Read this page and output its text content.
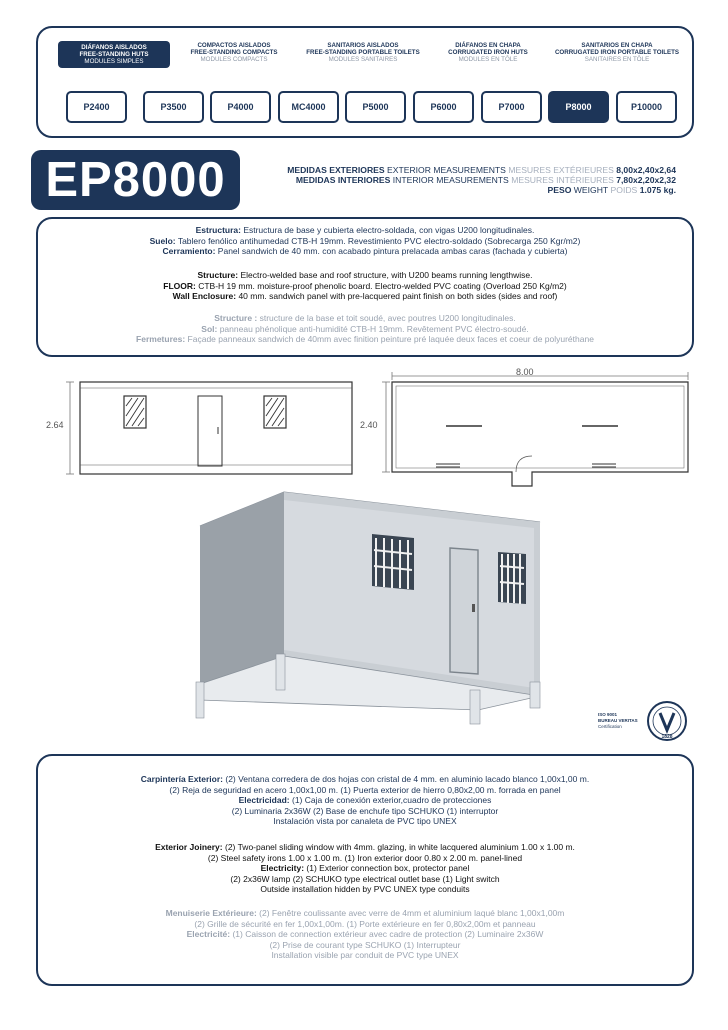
DIÁFANOS AISLADOS
FREE-STANDING HUTS

MODULES SIMPLES
COMPACTOS AISLADOS
FREE-STANDING COMPACTS

MODULES COMPACTS
SANITARIOS AISLADOS
FREE-STANDING PORTABLE TOILETS

MODULES SANITAIRES
DIÁFANOS EN CHAPA
CORRUGATED IRON HUTS

MODULES EN TÔLE
SANITARIOS EN CHAPA
CORRUGATED IRON PORTABLE TOILETS

SANITAIRES EN TÔLE
P2400	P3500	P4000	MC4000	P5000	P6000	P7000	P8000	P10000
EP8000	MEDIDAS EXTERIORES EXTERIOR MEASUREMENTS MESURES EXTÉRIEURES 8,00x2,40x2,64
MEDIDAS INTERIORES INTERIOR MEASUREMENTS MESURES INTÉRIEURES 7,80x2,20x2,32
PESO WEIGHT POIDS 1.075 kg.
Estructura: Estructura de base y cubierta electro-soldada, con vigas U200 longitudinales.
Suelo: Tablero fenólico antihumedad CTB-H 19mm. Revestimiento PVC electro-soldado (Sobrecarga 250 Kgr/m2)
Cerramiento: Panel sandwich de 40 mm. con acabado pintura prelacada ambas caras (fachada y cubierta)
Structure: Electro-welded base and roof structure, with U200 beams running lengthwise.
FLOOR: CTB-H 19 mm. moisture-proof phenolic board. Electro-welded PVC coating (Overload 250 Kg/m2)
Wall Enclosure: 40 mm. sandwich panel with pre-lacquered paint finish on both sides (sides and roof)
Structure : structure de la base et toit soudé, avec poutres U200 longitudinales.
Sol: panneau phénolique anti-humidité CTB-H 19mm. Revêtement PVC électro-soudé.
Fermetures: Façade panneaux sandwich de 40mm avec finition peinture pré laquée deux faces et coeur de polyuréthane
2.64
8.00
2.40
ISO 9001
BUREAU VERITAS
Certification
1828
Carpintería Exterior: (2) Ventana corredera de dos hojas con cristal de 4 mm. en aluminio lacado blanco 1,00x1,00 m.
(2) Reja de seguridad en acero 1,00x1,00 m. (1) Puerta exterior de hierro 0,80x2,00 m. forrada en panel
Electricidad: (1) Caja de conexión exterior,cuadro de protecciones
(2) Luminaria 2x36W (2) Base de enchufe tipo SCHUKO (1) interruptor
Instalación vista por canaleta de PVC tipo UNEX
Exterior Joinery: (2) Two-panel sliding window with 4mm. glazing, in white lacquered aluminium 1.00 x 1.00 m.
(2) Steel safety irons 1.00 x 1.00 m. (1) Iron exterior door 0.80 x 2.00 m. panel-lined
Electricity: (1) Exterior connection box, protector panel
(2) 2x36W lamp (2) SCHUKO type electrical outlet base (1) Light switch
Outside installation hidden by PVC UNEX type conduits
Menuiserie Extérieure: (2) Fenêtre coulissante avec verre de 4mm et aluminium laqué blanc 1,00x1,00m
(2) Grille de sécurité en fer 1,00x1,00m. (1) Porte extérieure en fer 0,80x2,00m et panneau
Electricité: (1) Caisson de connection extérieur avec cadre de protection (2) Luminaire 2x36W
(2) Prise de courant type SCHUKO (1) Interrupteur
Installation visible par conduit de PVC type UNEX
